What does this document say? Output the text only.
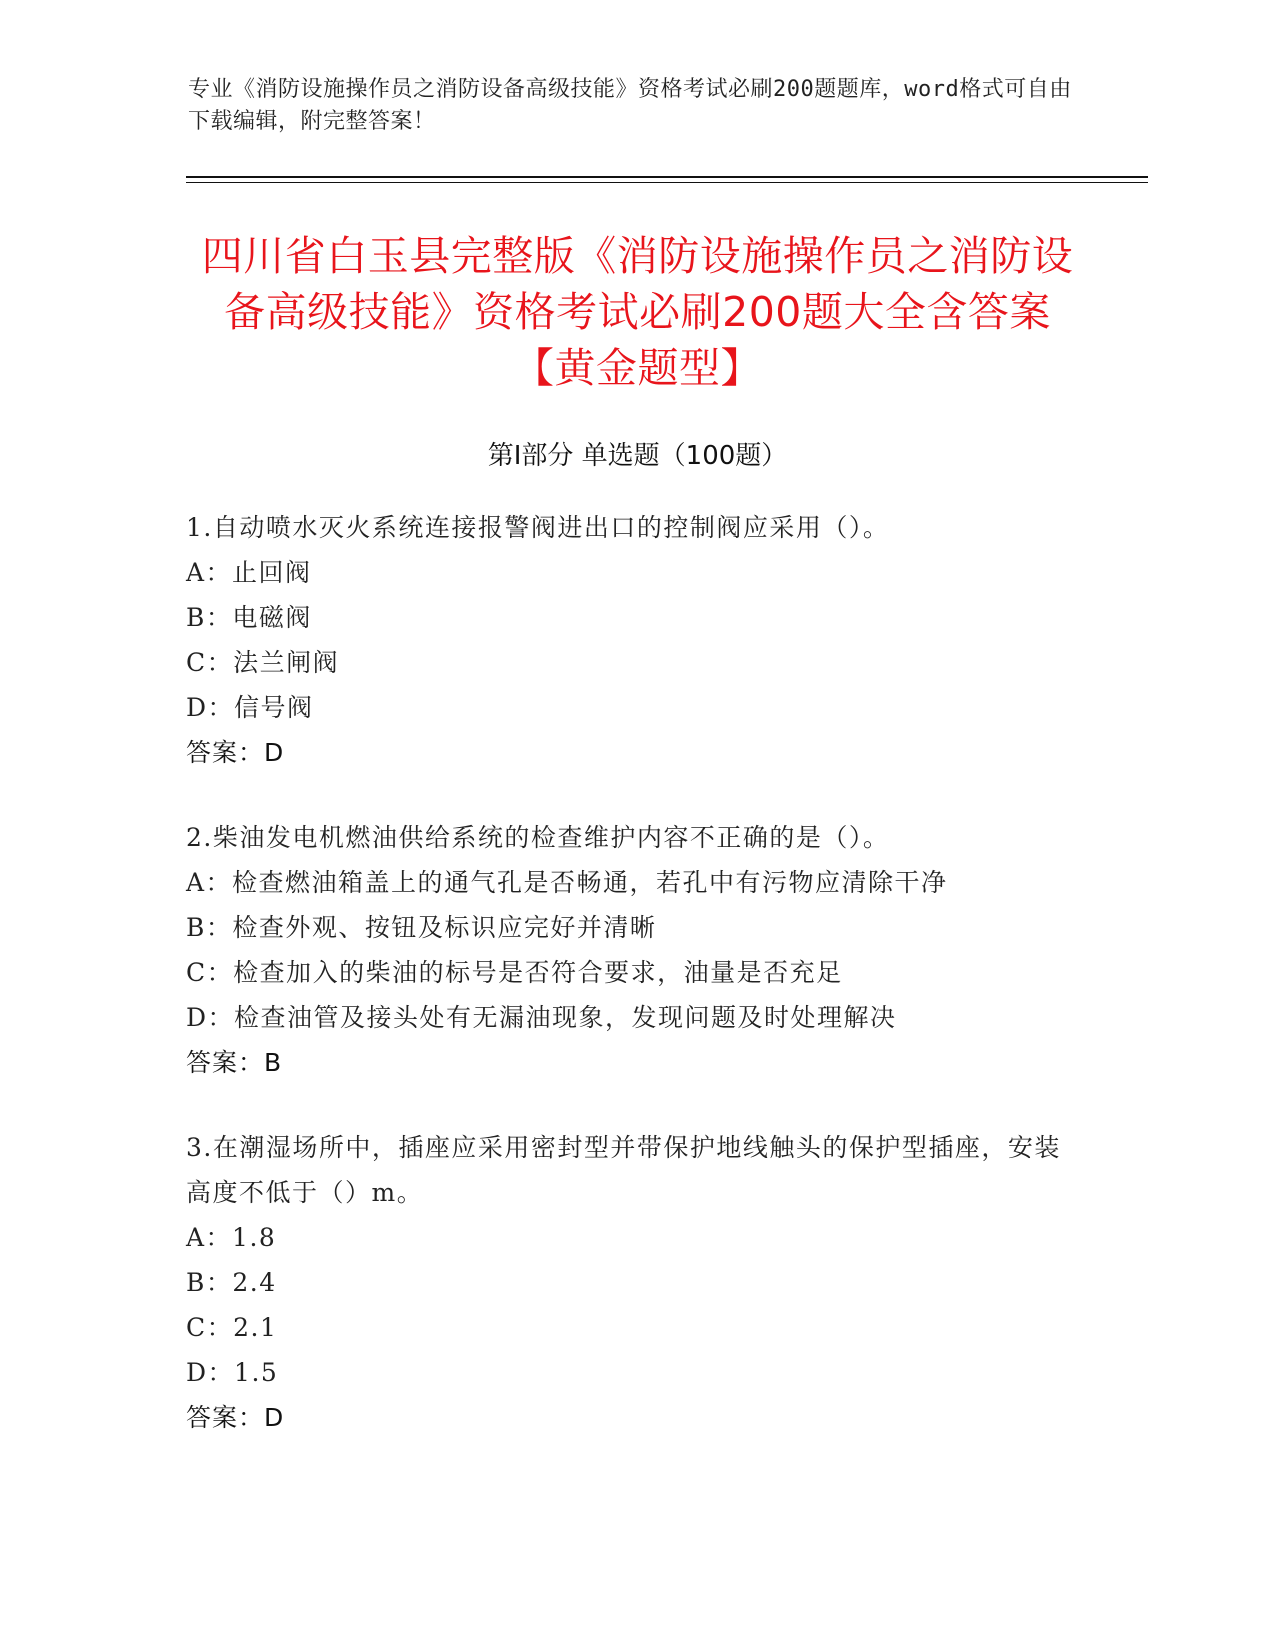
专业《消防设施操作员之消防设备高级技能》资格考试必刷200题题库，word格式可自由下载编辑，附完整答案！
四川省白玉县完整版《消防设施操作员之消防设备高级技能》资格考试必刷200题大全含答案【黄金题型】
第Ⅰ部分 单选题（100题）
1.自动喷水灭火系统连接报警阀进出口的控制阀应采用（）。
A：止回阀
B：电磁阀
C：法兰闸阀
D：信号阀
答案：D
2.柴油发电机燃油供给系统的检查维护内容不正确的是（）。
A：检查燃油箱盖上的通气孔是否畅通，若孔中有污物应清除干净
B：检查外观、按钮及标识应完好并清晰
C：检查加入的柴油的标号是否符合要求，油量是否充足
D：检查油管及接头处有无漏油现象，发现问题及时处理解决
答案：B
3.在潮湿场所中，插座应采用密封型并带保护地线触头的保护型插座，安装高度不低于（）m。
A：1.8
B：2.4
C：2.1
D：1.5
答案：D
